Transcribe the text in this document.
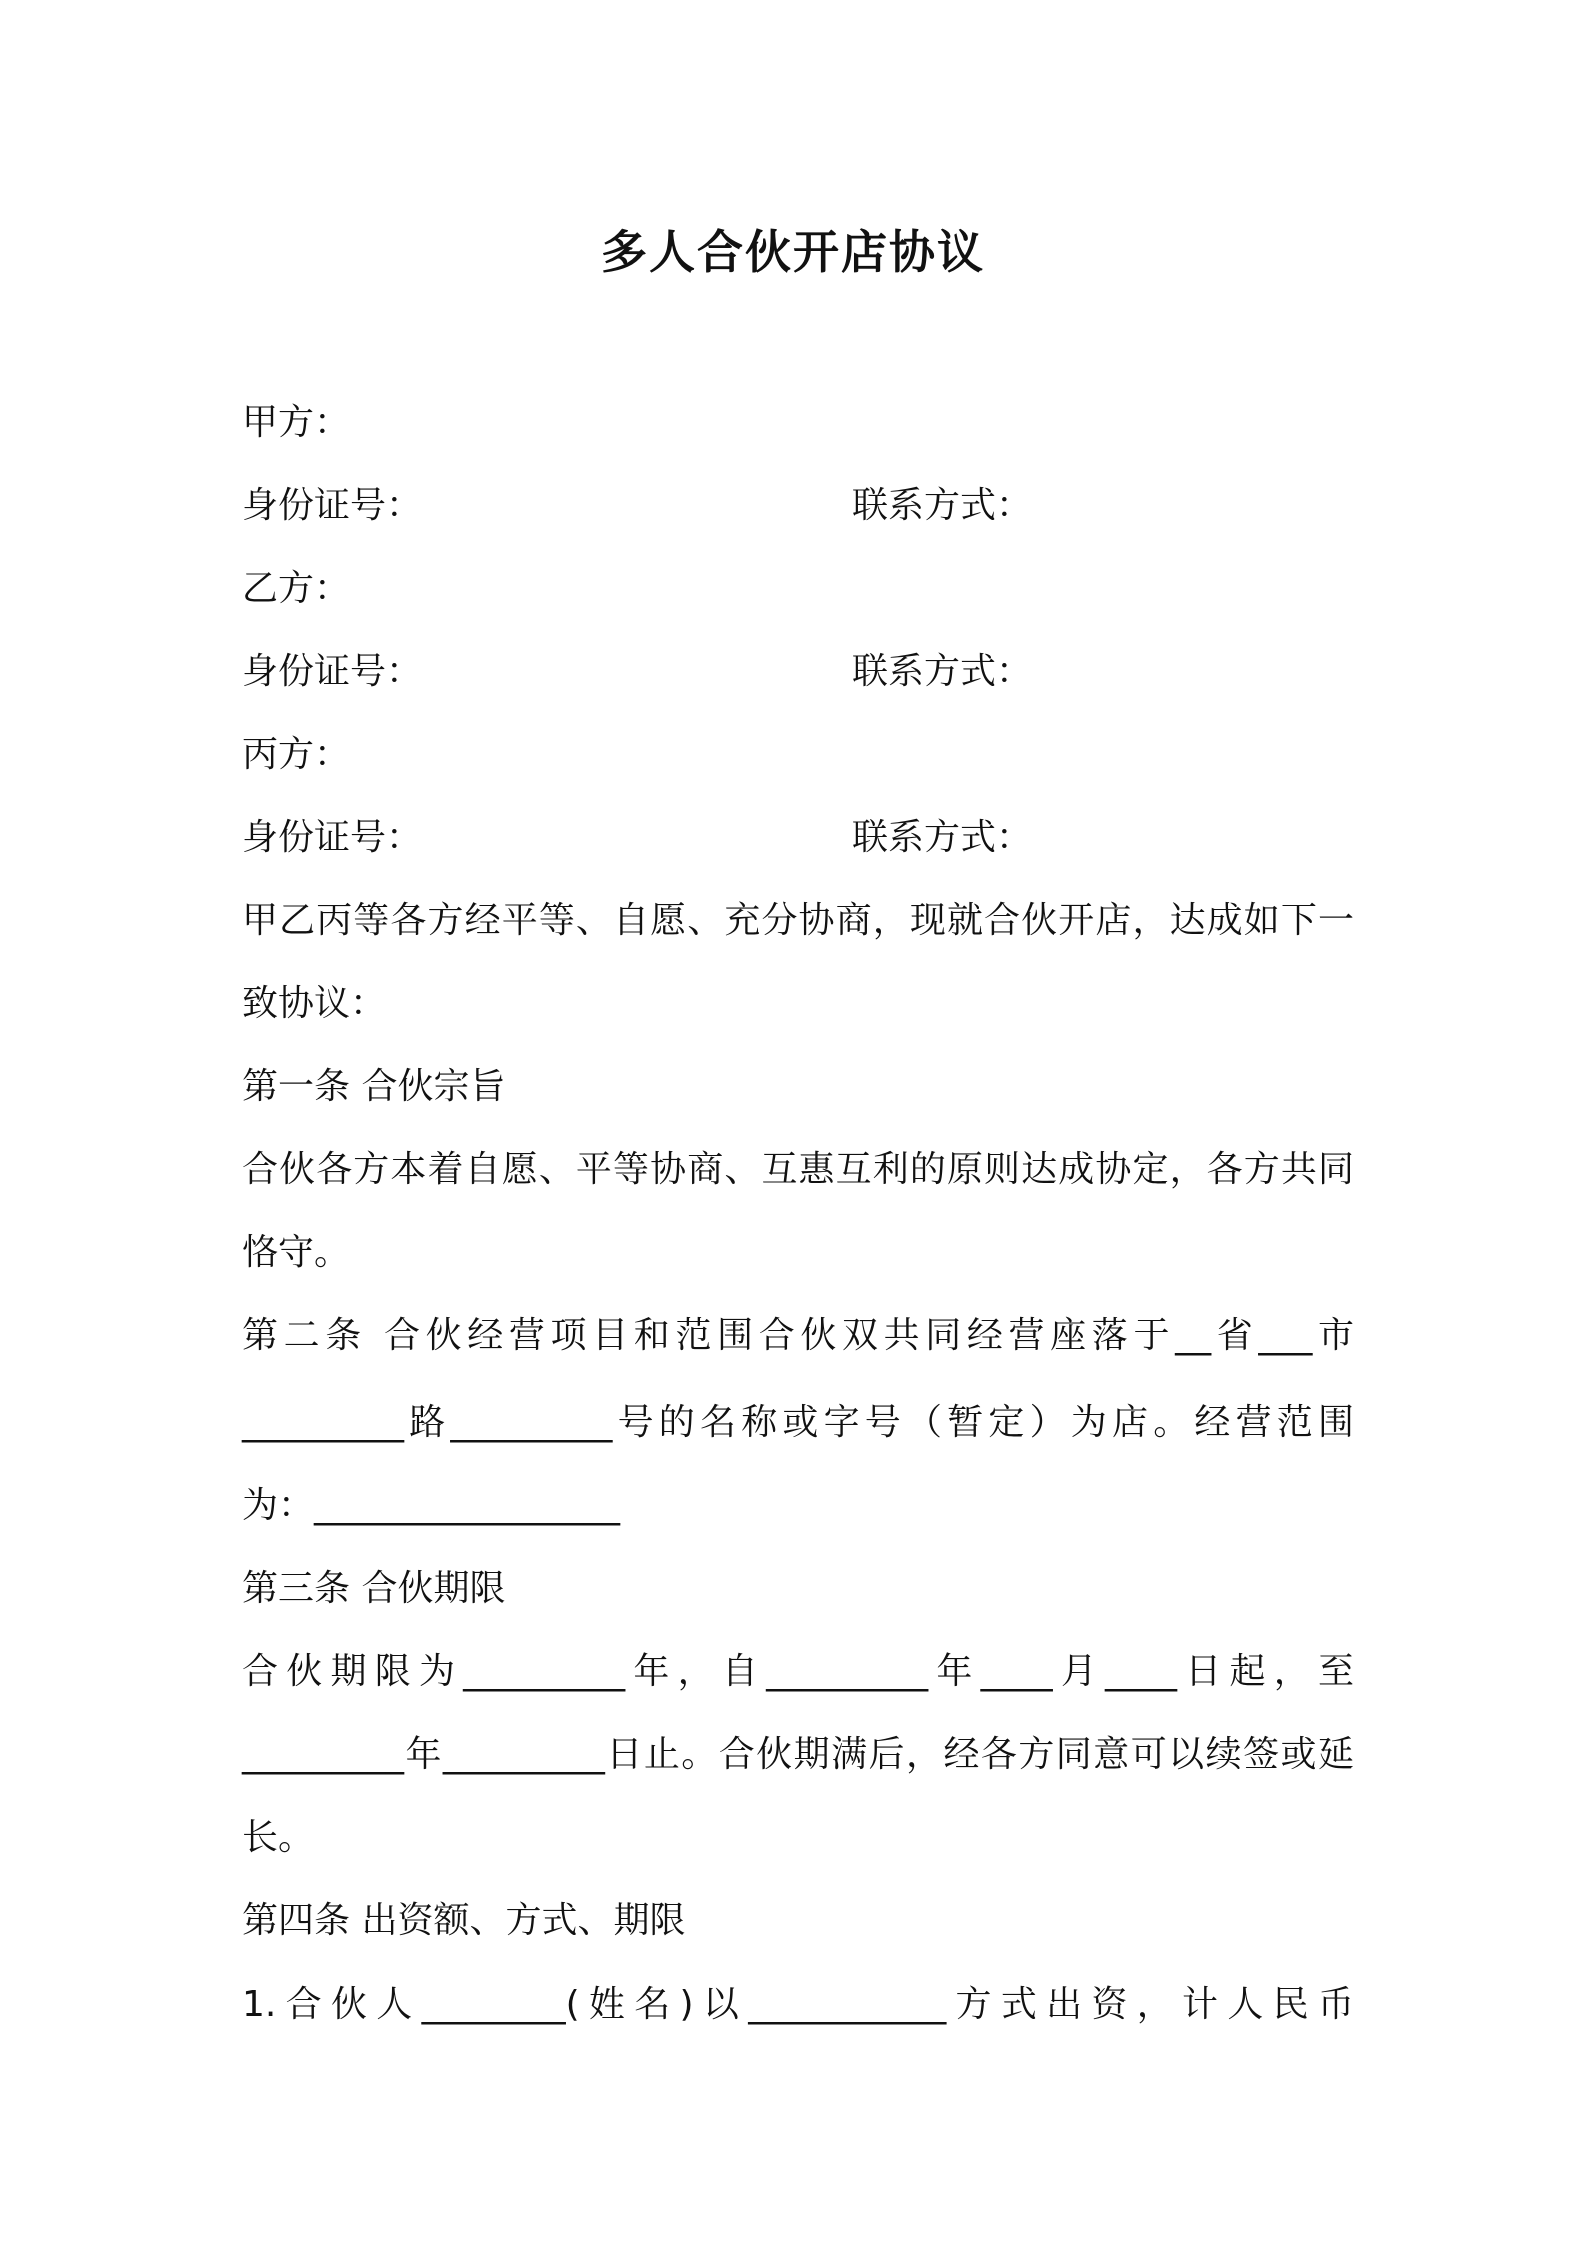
多人合伙开店协议
甲方：
身份证号：	联系方式：
乙方：
身份证号：	联系方式：
丙方：
身份证号：	联系方式：
甲乙丙等各方经平等、自愿、充分协商，现就合伙开店，达成如下一
致协议：
第一条 合伙宗旨
合伙各方本着自愿、平等协商、互惠互利的原则达成协定，各方共同
恪守。
第二条 合伙经营项目和范围合伙双共同经营座落于__省___市
_________路_________号的名称或字号（暂定）为店。经营范围
为：_________________
第三条 合伙期限
合伙期限为_________年，自_________年____月____日起，至
_________年_________日止。合伙期满后，经各方同意可以续签或延
长。
第四条 出资额、方式、期限
1.合伙人________(姓名)以___________方式出资，计人民币
